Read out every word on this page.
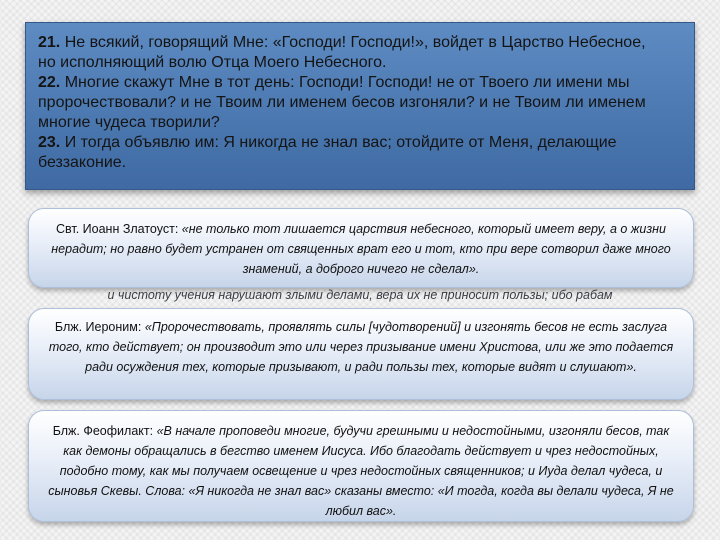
21. Не всякий, говорящий Мне: «Господи! Господи!», войдет в Царство Небесное,

но исполняющий волю Отца Моего Небесного.

22. Многие скажут Мне в тот день: Господи! Господи! не от Твоего ли имени мы

пророчествовали? и не Твоим ли именем бесов изгоняли? и не Твоим ли именем

многие чудеса творили?

23. И тогда объявлю им: Я никогда не знал вас; отойдите от Меня, делающие

беззаконие.

и чистоту учения нарушают злыми делами, вера их не приносит пользы; ибо рабам
Свт. Иоанн Златоуст: «не только тот лишается царствия небесного, который имеет веру, а о жизни нерадит; но равно будет устранен от священных врат его и тот, кто при вере сотворил даже много знамений, а доброго ничего не сделал».
Блж. Иероним: «Пророчествовать, проявлять силы [чудотворений] и изгонять бесов не есть заслуга того, кто действует; он производит это или через призывание имени Христова, или же это подается ради осуждения тех, которые призывают, и ради пользы тех, которые видят и слушают».
Блж. Феофилакт: «В начале проповеди многие, будучи грешными и недостойными, изгоняли бесов, так как демоны обращались в бегство именем Иисуса. Ибо благодать действует и чрез недостойных, подобно тому, как мы получаем освещение и чрез недостойных священников; и Иуда делал чудеса, и сыновья Скевы. Слова: «Я никогда не знал вас» сказаны вместо: «И тогда, когда вы делали чудеса, Я не любил вас».
